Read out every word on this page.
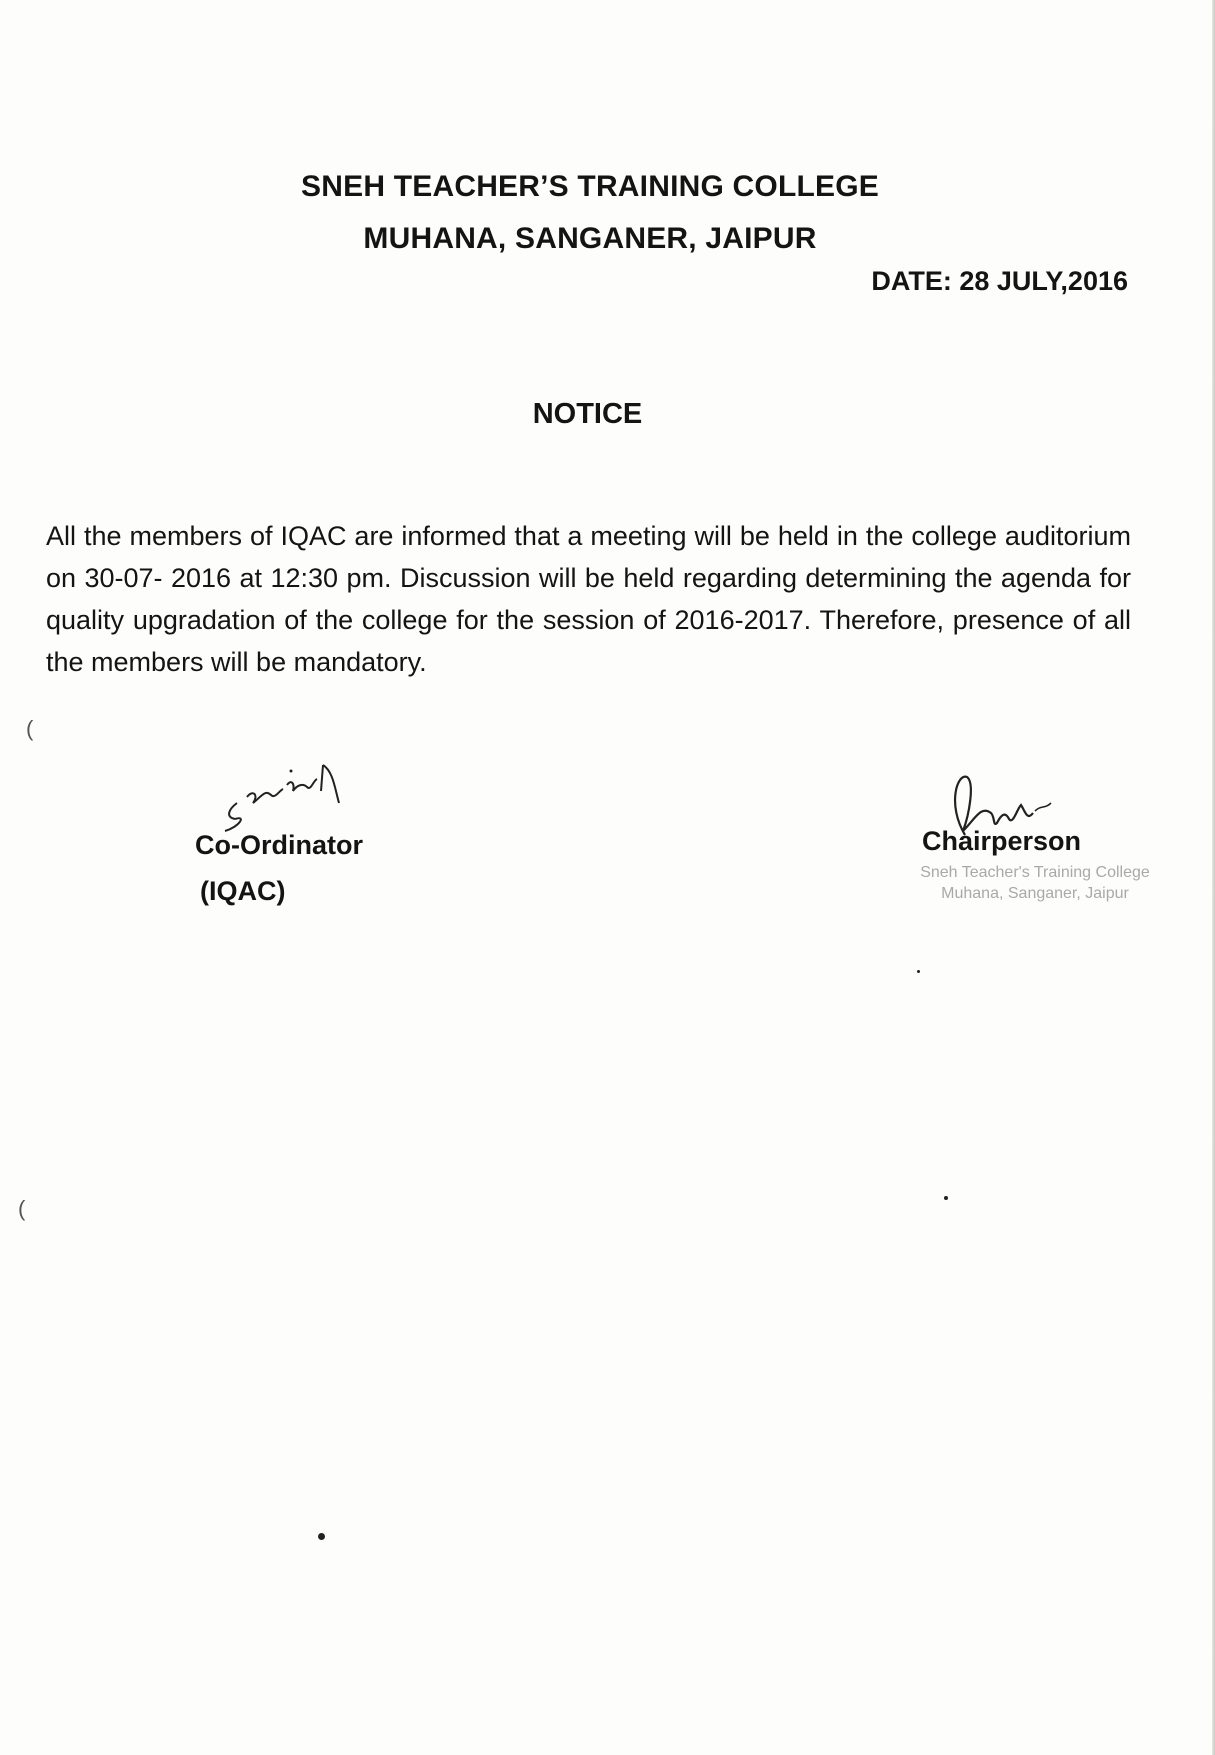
SNEH TEACHER’S TRAINING COLLEGE
MUHANA, SANGANER, JAIPUR
DATE: 28 JULY,2016
NOTICE
All the members of IQAC are informed that a meeting will be held in the college auditorium on 30-07- 2016 at 12:30 pm. Discussion will be held regarding determining the agenda for quality upgradation of the college for the session of 2016-2017. Therefore, presence of all the members will be mandatory.
Co-Ordinator
(IQAC)
Chairperson
Sneh Teacher's Training College
Muhana, Sanganer, Jaipur
(
(
